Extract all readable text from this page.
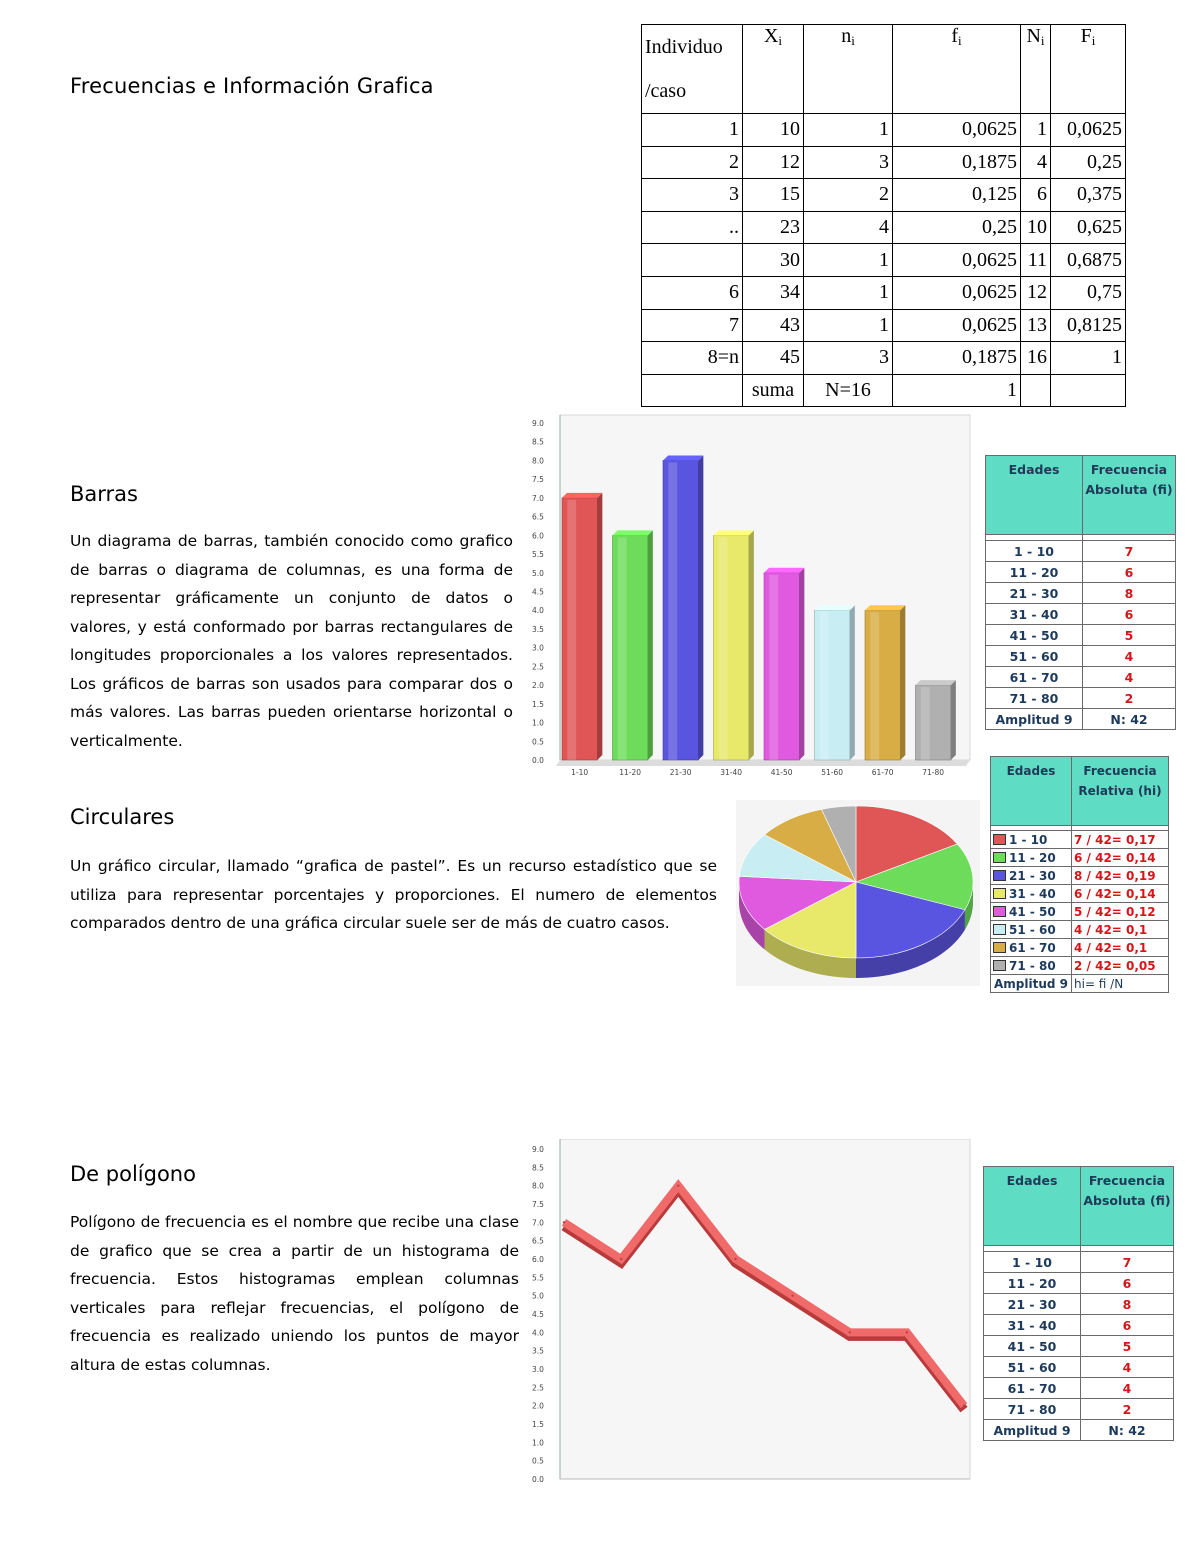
Frecuencias e Información Grafica
Individuo /caso	$X_i$	$n_i$	$f_i$	$N_i$	$F_i$
1	10	1	0,0625	1	0,0625
2	12	3	0,1875	4	0,25
3	15	2	0,125	6	0,375
..	23	4	0,25	10	0,625
	30	1	0,0625	11	0,6875
6	34	1	0,0625	12	0,75
7	43	1	0,0625	13	0,8125
8=n	45	3	0,1875	16	1
	suma	N=16	1		
Barras

Un diagrama de barras, también conocido como grafico de barras o diagrama de columnas, es una forma de representar gráficamente un conjunto de datos o valores, y está conformado por barras rectangulares de longitudes proporcionales a los valores representados. Los gráficos de barras son usados para comparar dos o más valores. Las barras pueden orientarse horizontal o verticalmente.

0.0
0.5
1.0
1.5
2.0
2.5
3.0
3.5
4.0
4.5
5.0
5.5
6.0
6.5
7.0
7.5
8.0
8.5
9.0
1-10	11-20	21-30	31-40	41-50	51-60	61-70	71-80
Edades	Frecuencia Absoluta (fi)

1 - 10	7
11 - 20	6
21 - 30	8
31 - 40	6
41 - 50	5
51 - 60	4
61 - 70	4
71 - 80	2
Amplitud 9	N: 42
Circulares

Un gráfico circular, llamado “grafica de pastel”. Es un recurso estadístico que se utiliza para representar porcentajes y proporciones. El numero de elementos comparados dentro de una gráfica circular suele ser de más de cuatro casos.

Edades	Frecuencia Relativa (hi)

1 - 10	7 / 42= 0,17
11 - 20	6 / 42= 0,14
21 - 30	8 / 42= 0,19
31 - 40	6 / 42= 0,14
41 - 50	5 / 42= 0,12
51 - 60	4 / 42= 0,1
61 - 70	4 / 42= 0,1
71 - 80	2 / 42= 0,05
Amplitud 9	hi= fi /N
De polígono

Polígono de frecuencia es el nombre que recibe una clase de grafico que se crea a partir de un histograma de frecuencia. Estos histogramas emplean columnas verticales para reflejar frecuencias, el polígono de frecuencia es realizado uniendo los puntos de mayor altura de estas columnas.

0.0
0.5
1.0
1.5
2.0
2.5
3.0
3.5
4.0
4.5
5.0
5.5
6.0
6.5
7.0
7.5
8.0
8.5
9.0
Edades	Frecuencia Absoluta (fi)

1 - 10	7
11 - 20	6
21 - 30	8
31 - 40	6
41 - 50	5
51 - 60	4
61 - 70	4
71 - 80	2
Amplitud 9	N: 42
